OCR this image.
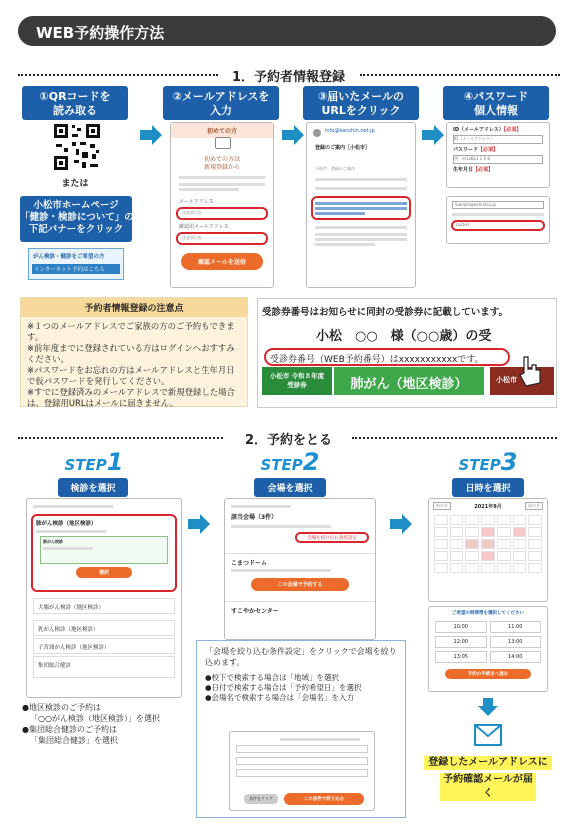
WEB予約操作方法
1．予約者情報登録
①QRコードを
読み取る
②メールアドレスを
入力
③届いたメールの
URLをクリック
④パスワード
個人情報
または
小松市ホームページ
「健診・検診について」の
下記バナーをクリック
がん検診・健診をご希望の方
インターネット予約はこちら
初めての方
初めての方は
新規登録から
メールアドレス
任意項目を
確認用メールアドレス
任意項目を
確認メールを送信
info@kanshin.net.jp
登録のご案内［小松市］
小松市　登録のご案内
ID（メールアドレス）【必須】
ID（メールアドレス）
パスワード【必須】
例：m1a6b1 2 6 8
生年月日【必須】
Sample@komatsu.jp
1a2b3c
予約者情報登録の注意点
※１つのメールアドレスでご家族の方のご予約もできます。
※前年度までに登録されている方はログインへおすすみください。
※パスワードをお忘れの方はメールアドレスと生年月日で仮パスワードを発行してください。
※すでに登録済みのメールアドレスで新規登録した場合は、登録用URLはメールに届きません。
受診券番号はお知らせに同封の受診券に記載しています。
小松　○○　様（○○歳）の受
受診券番号（WEB予約番号）はxxxxxxxxxxxです。
小松市 令和８年度
受診券	肺がん（地区検診）	小松市
2．予約をとる
STEP1
検診を選択
STEP2
会場を選択
STEP3
日時を選択
肺がん検診（地区検診）
肺がん検診
選択
大腸がん検診（地区検診）
乳がん検診（地区検診）
子宮頸がん検診（地区検診）
集団総合健診
●地区検診のご予約は
「○○がん検診（地区検診）」を選択
●集団総合健診のご予約は
「集団総合健診」を選択
該当会場（3件）
会場を絞り込む条件設定
こまつドーム
この会場で予約する
すこやかセンター
「会場を絞り込む条件設定」をクリックで会場を絞り込めます。
●校下で検索する場合は「地域」を選択
●日付で検索する場合は「予約希望日」を選択
●会場名で検索する場合は「会場名」を入力
条件をクリア	この条件で絞り込む
前の月	2021年9月	次の月
ご希望の時間帯を選択してください
10:00	11:00
12:00	13:00
13:05	14:00
予約の手続きへ進む
登録したメールアドレスに
予約確認メールが届く
